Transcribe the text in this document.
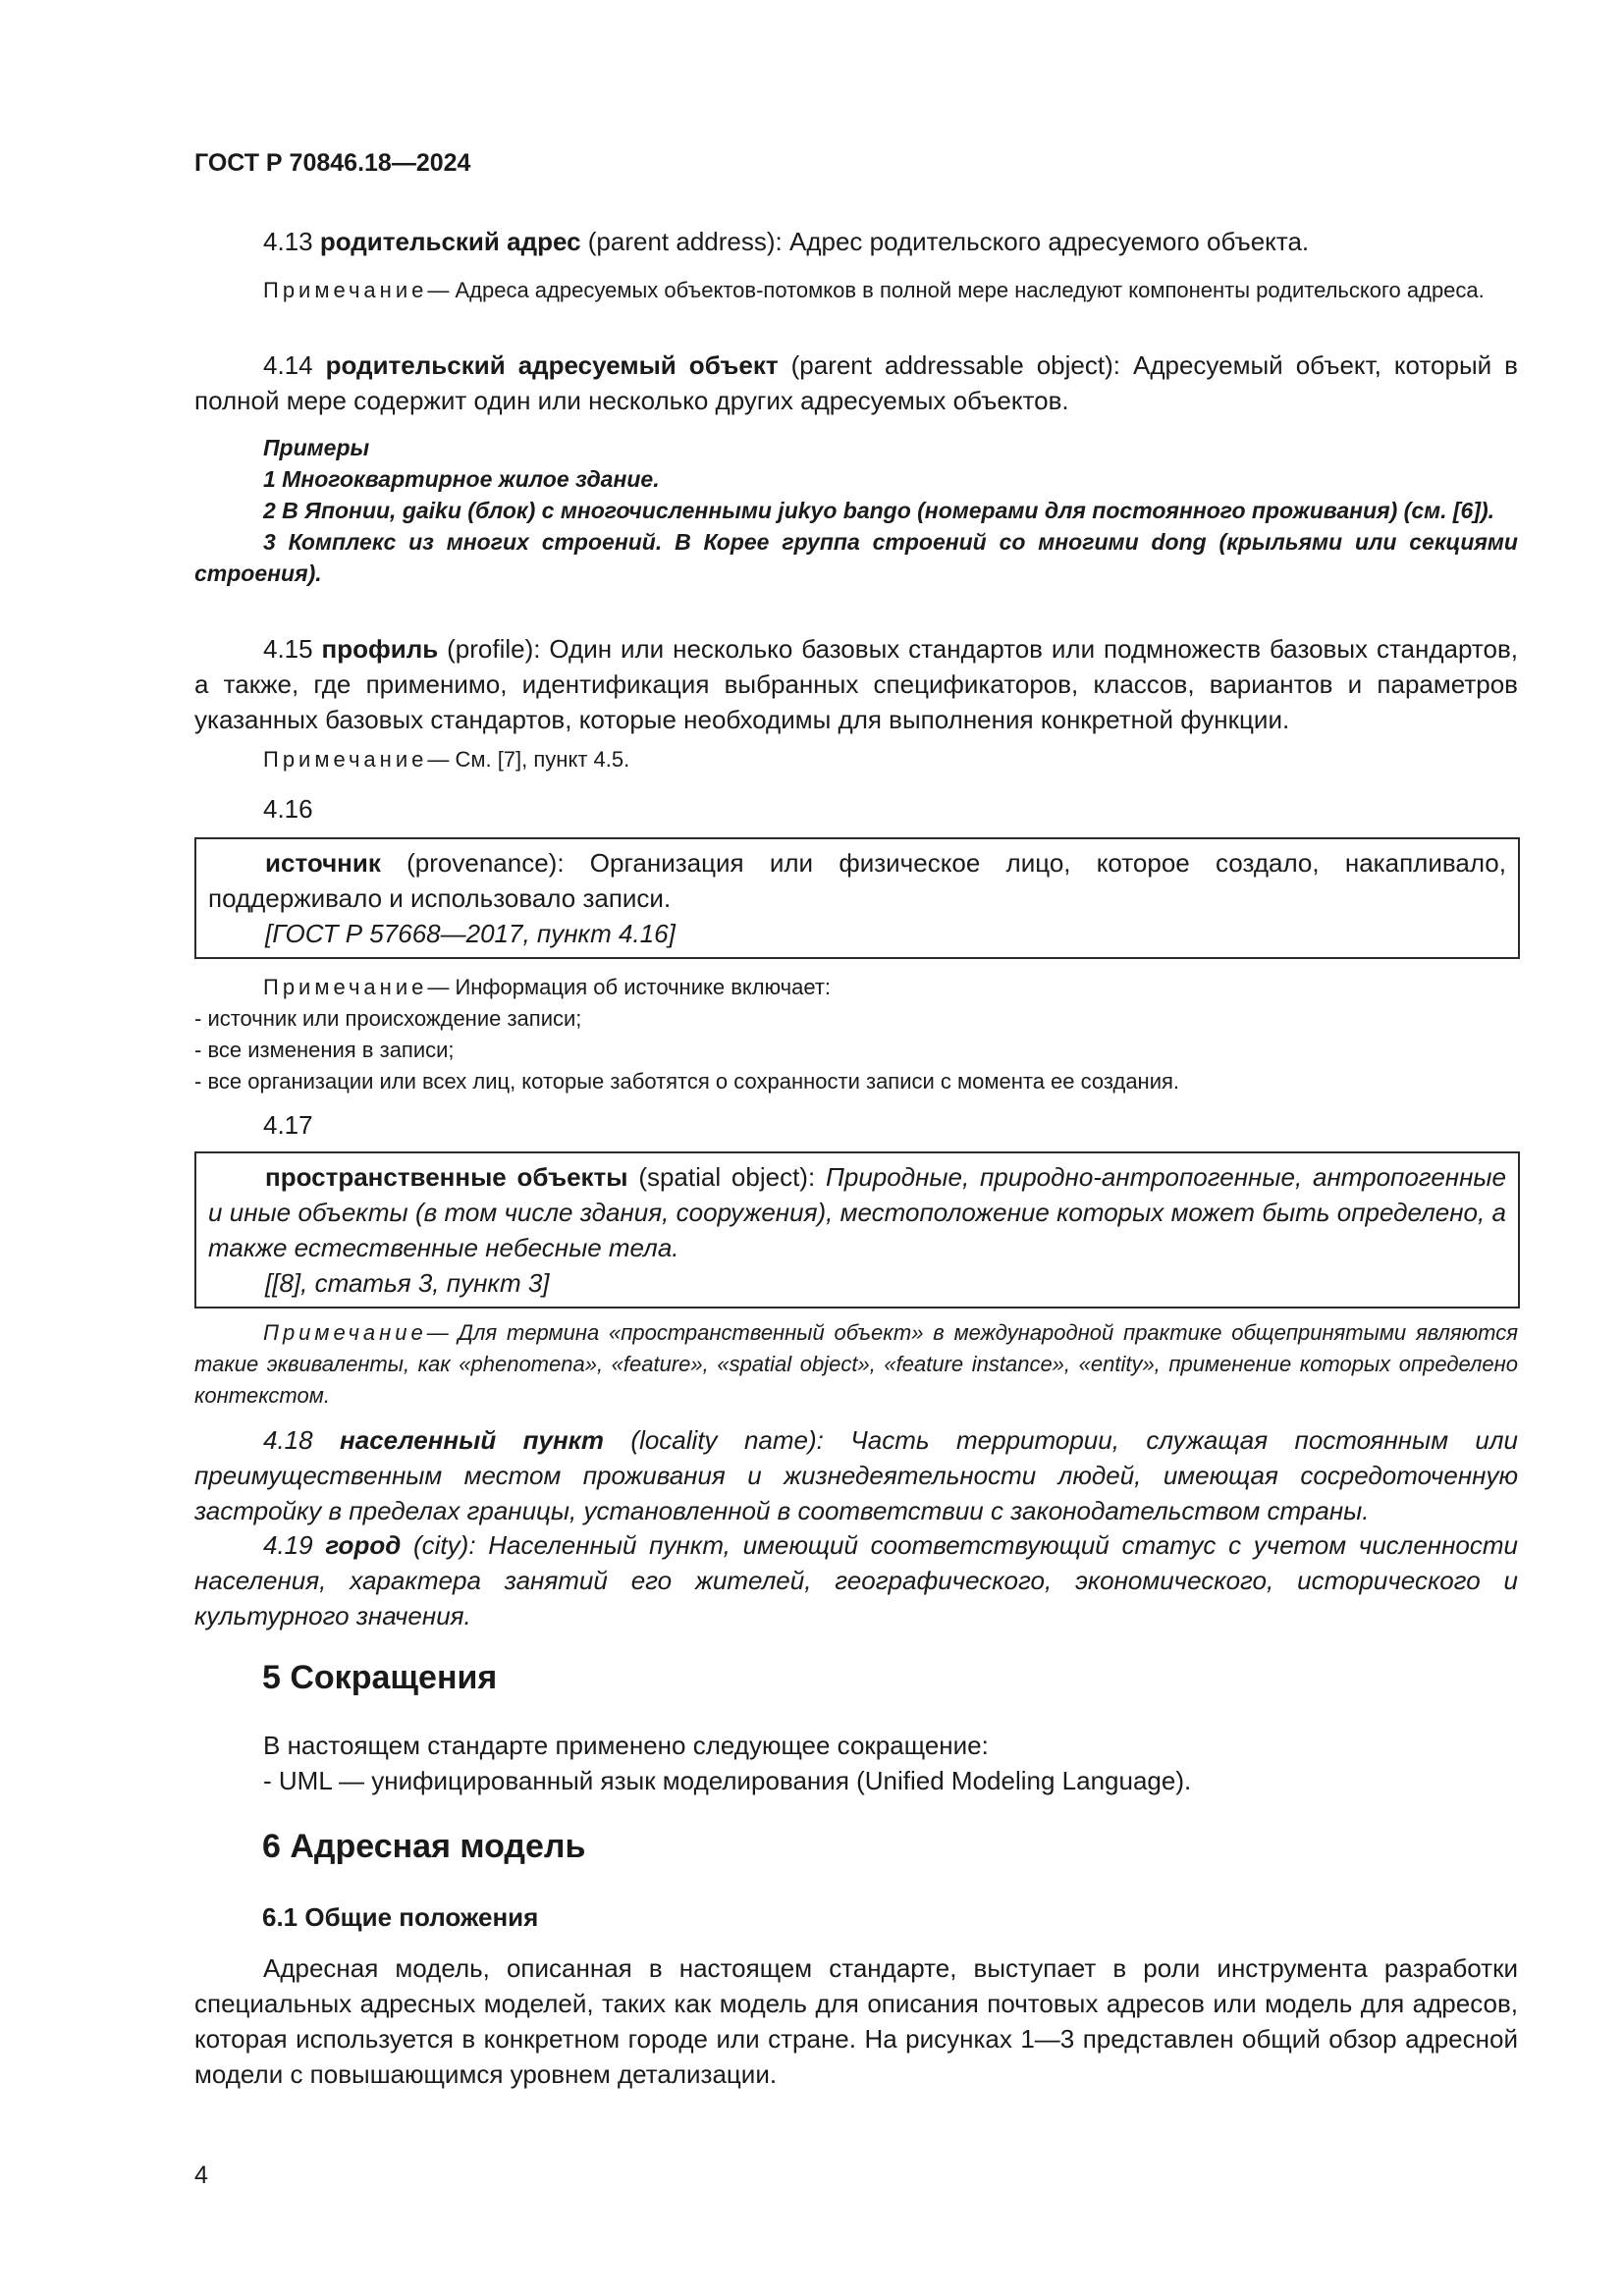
ГОСТ Р 70846.18—2024

4.13 родительский адрес (parent address): Адрес родительского адресуемого объекта.

Примечание— Адреса адресуемых объектов-потомков в полной мере наследуют компоненты родительского адреса.

4.14 родительский адресуемый объект (parent addressable object): Адресуемый объект, который в полной мере содержит один или несколько других адресуемых объектов.

Примеры
1 Многоквартирное жилое здание.
2 В Японии, gaiku (блок) с многочисленными jukyo bango (номерами для постоянного проживания) (см. [6]).
3 Комплекс из многих строений. В Корее группа строений со многими dong (крыльями или секциями строения).

4.15 профиль (profile): Один или несколько базовых стандартов или подмножеств базовых стандартов, а также, где применимо, идентификация выбранных спецификаторов, классов, вариантов и параметров указанных базовых стандартов, которые необходимы для выполнения конкретной функции.

Примечание— См. [7], пункт 4.5.

4.16

источник (provenance): Организация или физическое лицо, которое создало, накапливало, поддерживало и использовало записи.

[ГОСТ Р 57668—2017, пункт 4.16]
Примечание— Информация об источнике включает:
- источник или происхождение записи;
- все изменения в записи;
- все организации или всех лиц, которые заботятся о сохранности записи с момента ее создания.

4.17

пространственные объекты (spatial object): Природные, природно-антропогенные, антропогенные и иные объекты (в том числе здания, сооружения), местоположение которых может быть определено, а также естественные небесные тела.

[[8], статья 3, пункт 3]

Примечание— Для термина «пространственный объект» в международной практике общепринятыми являются такие эквиваленты, как «phenomena», «feature», «spatial object», «feature instance», «entity», применение которых определено контекстом.

4.18 населенный пункт (locality name): Часть территории, служащая постоянным или преимущественным местом проживания и жизнедеятельности людей, имеющая сосредоточенную застройку в пределах границы, установленной в соответствии с законодательством страны.

4.19 город (city): Населенный пункт, имеющий соответствующий статус с учетом численности населения, характера занятий его жителей, географического, экономического, исторического и культурного значения.

5 Сокращения

В настоящем стандарте применено следующее сокращение:

- UML — унифицированный язык моделирования (Unified Modeling Language).

6 Адресная модель
6.1 Общие положения

Адресная модель, описанная в настоящем стандарте, выступает в роли инструмента разработки специальных адресных моделей, таких как модель для описания почтовых адресов или модель для адресов, которая используется в конкретном городе или стране. На рисунках 1—3 представлен общий обзор адресной модели с повышающимся уровнем детализации.

4
